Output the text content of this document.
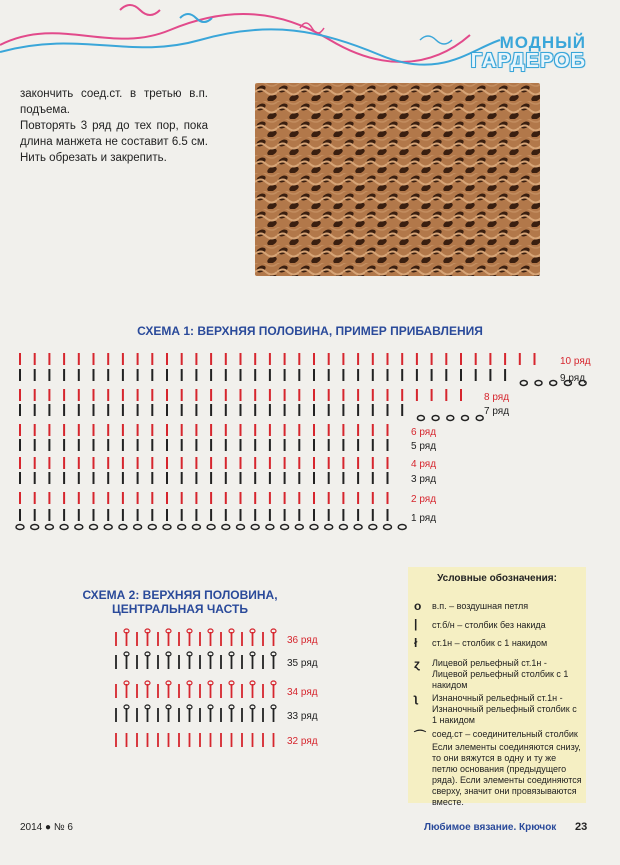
МОДНЫЙ
ГАРДЕРОБ

закончить соед.ст. в третью в.п. подъема.

Повторять 3 ряд до тех пор, пока длина манжета не составит 6.5 см. Нить обрезать и закрепить.

СХЕМА 1: ВЕРХНЯЯ ПОЛОВИНА, ПРИМЕР ПРИБАВЛЕНИЯ
10 ряд
9 ряд
8 ряд
7 ряд
6 ряд
5 ряд
4 ряд
3 ряд
2 ряд
1 ряд
СХЕМА 2: ВЕРХНЯЯ ПОЛОВИНА,
ЦЕНТРАЛЬНАЯ ЧАСТЬ
36 ряд
35 ряд
34 ряд
33 ряд
32 ряд
Условные обозначения:
o в.п. – воздушная петля
| ст.б/н – столбик без накида
ł ст.1н – столбик с 1 накидом
ɀ Лицевой рельефный ст.1н - Лицевой рельефный столбик с 1 накидом
ʅ Изнаночный рельефный ст.1н - Изнаночный рельефный столбик с 1 накидом
⌒ соед.ст – соединительный столбик
Если элементы соединяются снизу, то они вяжутся в одну и ту же петлю основания (предыдущего ряда). Если элементы соединяются сверху, значит они провязываются вместе.
2014 ● № 6	Любимое вязание. Крючок 23
